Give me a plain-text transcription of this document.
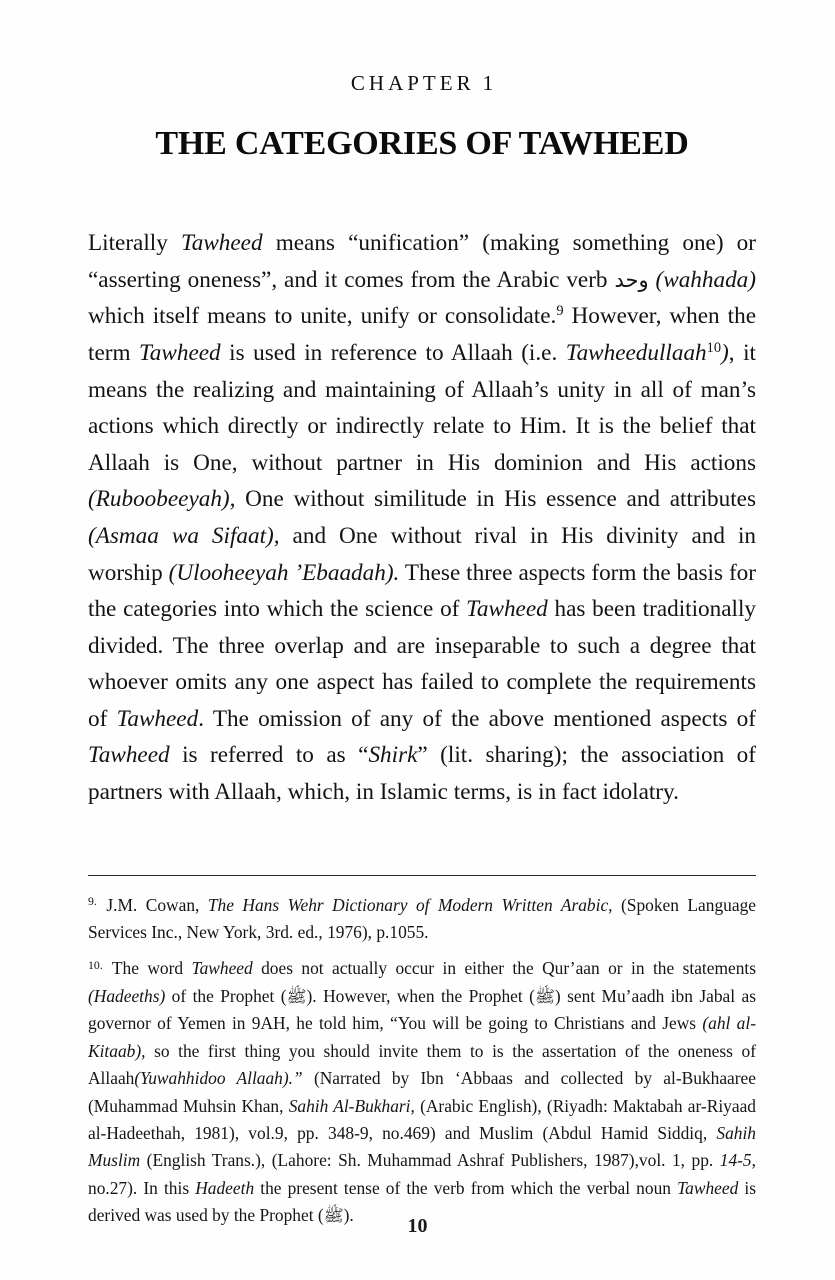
CHAPTER 1
THE CATEGORIES OF TAWHEED

Literally Tawheed means “unification” (making something one) or “asserting oneness”, and it comes from the Arabic verb وحد (wahhada) which itself means to unite, unify or consolidate.$^9$ However, when the term Tawheed is used in reference to Allaah (i.e. Tawheedullaah$^{10}$), it means the realizing and maintaining of Allaah’s unity in all of man’s actions which directly or indirectly relate to Him. It is the belief that Allaah is One, without partner in His dominion and His actions (Ruboobeeyah), One without similitude in His essence and attributes (Asmaa wa Sifaat), and One without rival in His divinity and in worship (Ulooheeyah ’Ebaadah). These three aspects form the basis for the categories into which the science of Tawheed has been traditionally divided. The three overlap and are inseparable to such a degree that whoever omits any one aspect has failed to complete the requirements of Tawheed. The omission of any of the above mentioned aspects of Tawheed is referred to as “Shirk” (lit. sharing); the association of partners with Allaah, which, in Islamic terms, is in fact idolatry.

$^{9.}$ J.M. Cowan, The Hans Wehr Dictionary of Modern Written Arabic, (Spoken Language Services Inc., New York, 3rd. ed., 1976), p.1055.
$^{10.}$ The word Tawheed does not actually occur in either the Qur’aan or in the statements (Hadeeths) of the Prophet (ﷺ). However, when the Prophet (ﷺ) sent Mu’aadh ibn Jabal as governor of Yemen in 9AH, he told him, “You will be going to Christians and Jews (ahl al-Kitaab), so the first thing you should invite them to is the assertation of the oneness of Allaah(Yuwahhidoo Allaah).” (Narrated by Ibn ‘Abbaas and collected by al-Bukhaaree (Muhammad Muhsin Khan, Sahih Al-Bukhari, (Arabic English), (Riyadh: Maktabah ar-Riyaad al-Hadeethah, 1981), vol.9, pp. 348-9, no.469) and Muslim (Abdul Hamid Siddiq, Sahih Muslim (English Trans.), (Lahore: Sh. Muhammad Ashraf Publishers, 1987),vol. 1, pp. 14-5, no.27). In this Hadeeth the present tense of the verb from which the verbal noun Tawheed is derived was used by the Prophet (ﷺ).	10
